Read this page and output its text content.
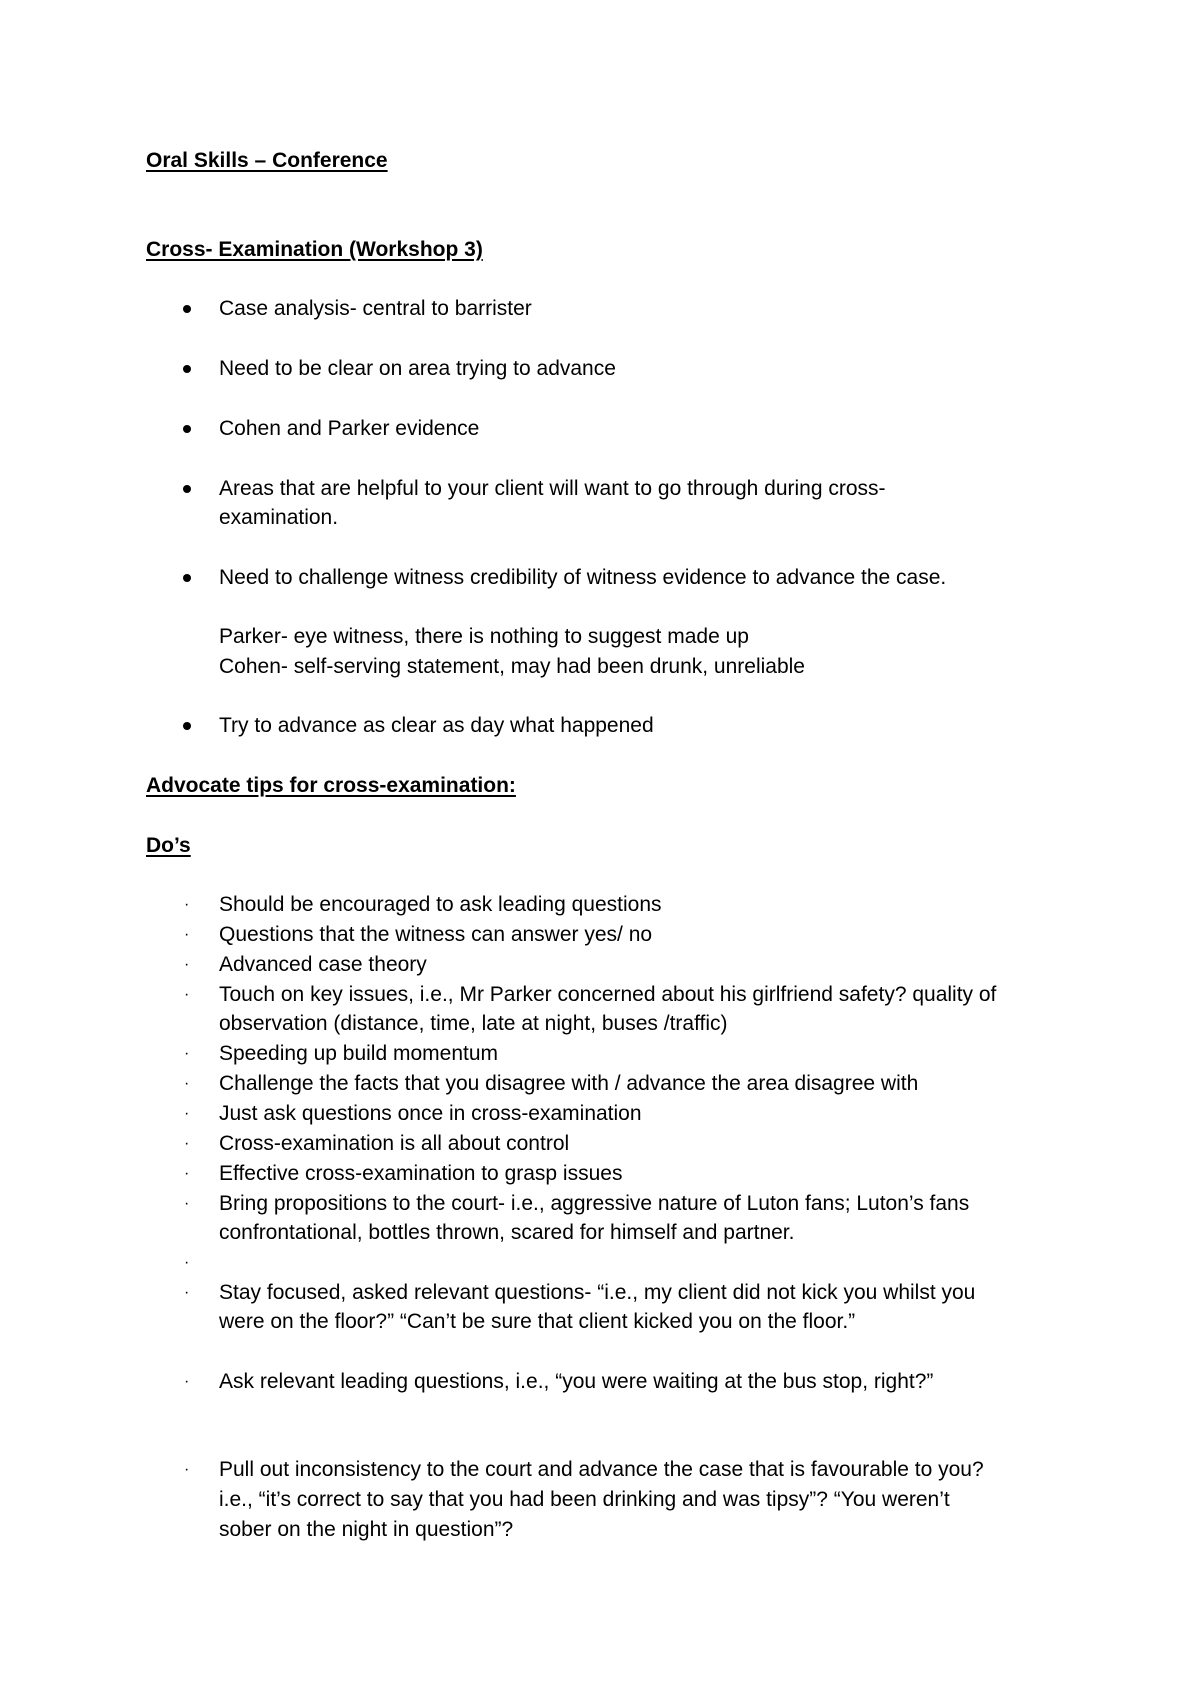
Oral Skills – Conference
Cross- Examination (Workshop 3)
Case analysis- central to barrister
Need to be clear on area trying to advance
Cohen and Parker evidence
Areas that are helpful to your client will want to go through during cross-
examination.
Need to challenge witness credibility of witness evidence to advance the case.
Parker- eye witness, there is nothing to suggest made up
Cohen- self-serving statement, may had been drunk, unreliable
Try to advance as clear as day what happened
Advocate tips for cross-examination:
Do’s
· Should be encouraged to ask leading questions
· Questions that the witness can answer yes/ no
· Advanced case theory
· Touch on key issues, i.e., Mr Parker concerned about his girlfriend safety? quality of
observation (distance, time, late at night, buses /traffic)
· Speeding up build momentum
· Challenge the facts that you disagree with / advance the area disagree with
· Just ask questions once in cross-examination
· Cross-examination is all about control
· Effective cross-examination to grasp issues
· Bring propositions to the court- i.e., aggressive nature of Luton fans; Luton’s fans
confrontational, bottles thrown, scared for himself and partner.
·
· Stay focused, asked relevant questions- “i.e., my client did not kick you whilst you
were on the floor?” “Can’t be sure that client kicked you on the floor.”
· Ask relevant leading questions, i.e., “you were waiting at the bus stop, right?”
· Pull out inconsistency to the court and advance the case that is favourable to you?
i.e., “it’s correct to say that you had been drinking and was tipsy”? “You weren’t
sober on the night in question”?
